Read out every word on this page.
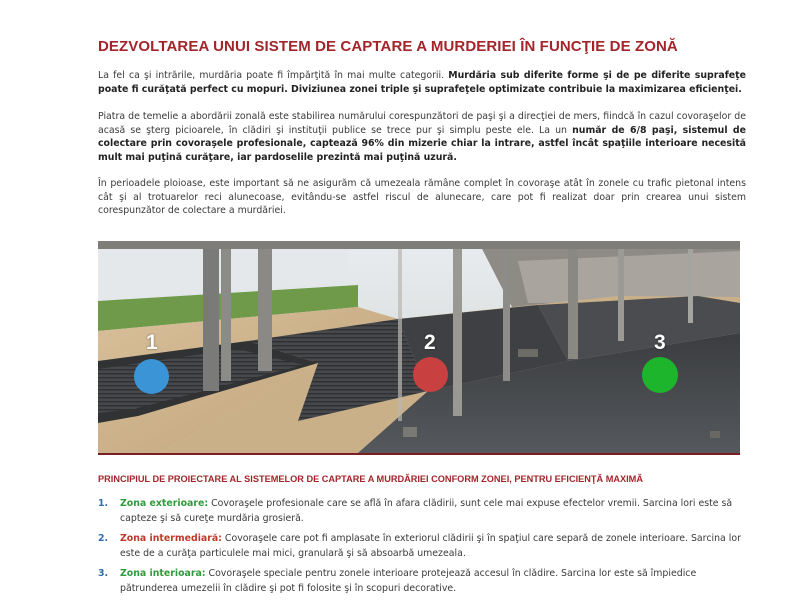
DEZVOLTAREA UNUI SISTEM DE CAPTARE A MURDERIEI ÎN FUNCŢIE DE ZONĂ
La fel ca şi intrările, murdăria poate fi împărţită în mai multe categorii. Murdăria sub diferite forme şi de pe diferite suprafeţe poate fi curăţată perfect cu mopuri. Diviziunea zonei triple şi suprafeţele optimizate contribuie la maximizarea eficienţei.
Piatra de temelie a abordării zonală este stabilirea numărului corespunzători de paşi şi a direcţiei de mers, fiindcă în cazul covoraşelor de acasă se şterg picioarele, în clădiri şi instituţii publice se trece pur şi simplu peste ele. La un număr de 6/8 paşi, sistemul de colectare prin covoraşele profesionale, captează 96% din mizerie chiar la intrare, astfel încât spaţiile interioare necesită mult mai puţină curăţare, iar pardoselile prezintă mai puţină uzură.
În perioadele ploioase, este important să ne asigurăm că umezeala rămâne complet în covoraşe atât în zonele cu trafic pietonal intens cât şi al trotuarelor reci alunecoase, evitându-se astfel riscul de alunecare, care pot fi realizat doar prin crearea unui sistem corespunzător de colectare a murdăriei.
1	2	3
PRINCIPIUL DE PROIECTARE AL SISTEMELOR DE CAPTARE A MURDĂRIEI CONFORM ZONEI, PENTRU EFICIENŢĂ MAXIMĂ
1. Zona exterioare: Covoraşele profesionale care se află în afara clădirii, sunt cele mai expuse efectelor vremii. Sarcina lori este să capteze şi să cureţe murdăria grosieră.
2. Zona intermediară: Covoraşele care pot fi amplasate în exteriorul clădirii şi în spaţiul care separă de zonele interioare. Sarcina lor este de a curăţa particulele mai mici, granulară şi să absoarbă umezeala.
3. Zona interioara: Covoraşele speciale pentru zonele interioare protejează accesul în clădire. Sarcina lor este să împiedice pătrunderea umezelii în clădire şi pot fi folosite şi în scopuri decorative.
